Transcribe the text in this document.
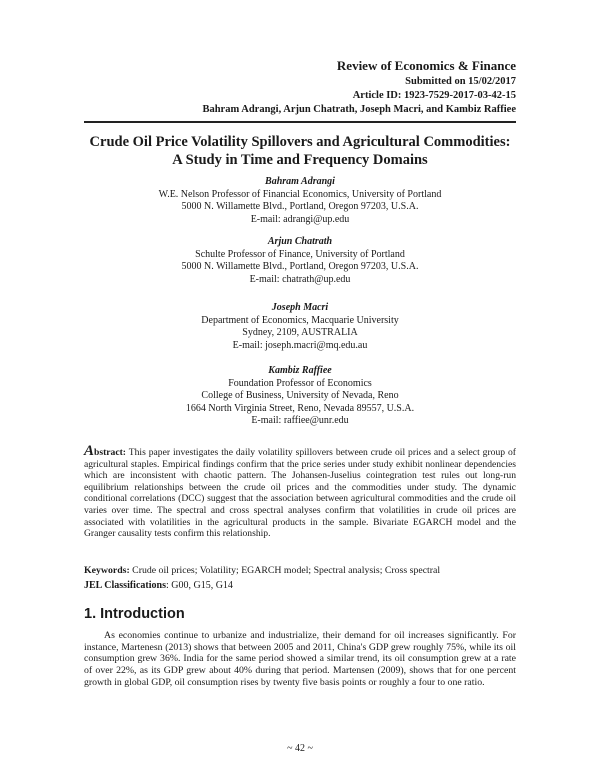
Review of Economics & Finance
Submitted on 15/02/2017
Article ID: 1923-7529-2017-03-42-15
Bahram Adrangi, Arjun Chatrath, Joseph Macri, and Kambiz Raffiee
Crude Oil Price Volatility Spillovers and Agricultural Commodities:
A Study in Time and Frequency Domains
Bahram Adrangi
W.E. Nelson Professor of Financial Economics, University of Portland
5000 N. Willamette Blvd., Portland, Oregon 97203, U.S.A.
E-mail: adrangi@up.edu
Arjun Chatrath
Schulte Professor of Finance, University of Portland
5000 N. Willamette Blvd., Portland, Oregon 97203, U.S.A.
E-mail: chatrath@up.edu
Joseph Macri
Department of Economics, Macquarie University
Sydney, 2109, AUSTRALIA
E-mail: joseph.macri@mq.edu.au
Kambiz Raffiee
Foundation Professor of Economics
College of Business, University of Nevada, Reno
1664 North Virginia Street, Reno, Nevada 89557, U.S.A.
E-mail: raffiee@unr.edu
Abstract: This paper investigates the daily volatility spillovers between crude oil prices and a select group of agricultural staples. Empirical findings confirm that the price series under study exhibit nonlinear dependencies which are inconsistent with chaotic pattern. The Johansen-Juselius cointegration test rules out long-run equilibrium relationships between the crude oil prices and the commodities under study. The dynamic conditional correlations (DCC) suggest that the association between agricultural commodities and the crude oil varies over time. The spectral and cross spectral analyses confirm that volatilities in crude oil prices are associated with volatilities in the agricultural products in the sample. Bivariate EGARCH model and the Granger causality tests confirm this relationship.
Keywords: Crude oil prices; Volatility; EGARCH model; Spectral analysis; Cross spectral
JEL Classifications: G00, G15, G14
1. Introduction
As economies continue to urbanize and industrialize, their demand for oil increases significantly. For instance, Martenesn (2013) shows that between 2005 and 2011, China's GDP grew roughly 75%, while its oil consumption grew 36%. India for the same period showed a similar trend, its oil consumption grew at a rate of over 22%, as its GDP grew about 40% during that period. Martensen (2009), shows that for one percent growth in global GDP, oil consumption rises by twenty five basis points or roughly a four to one ratio.
~ 42 ~
